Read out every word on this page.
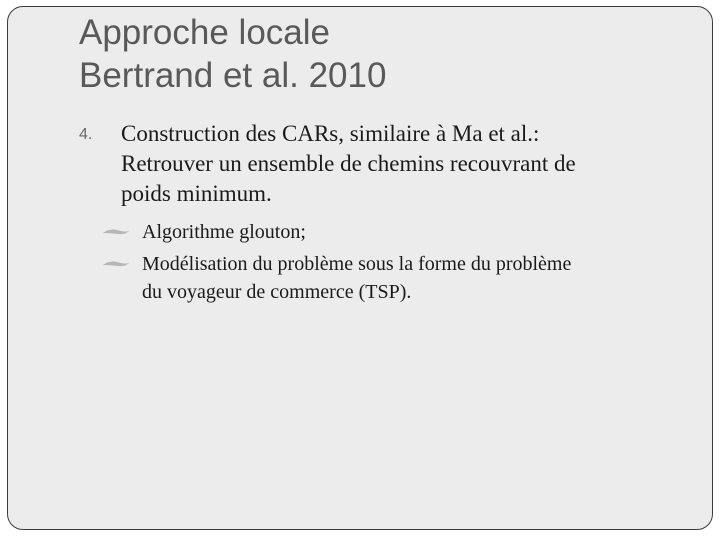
Approche locale
Bertrand et al. 2010
4. Construction des CARs, similaire à Ma et al.:
Retrouver un ensemble de chemins recouvrant de
poids minimum.
Algorithme glouton;
Modélisation du problème sous la forme du problème
du voyageur de commerce (TSP).
